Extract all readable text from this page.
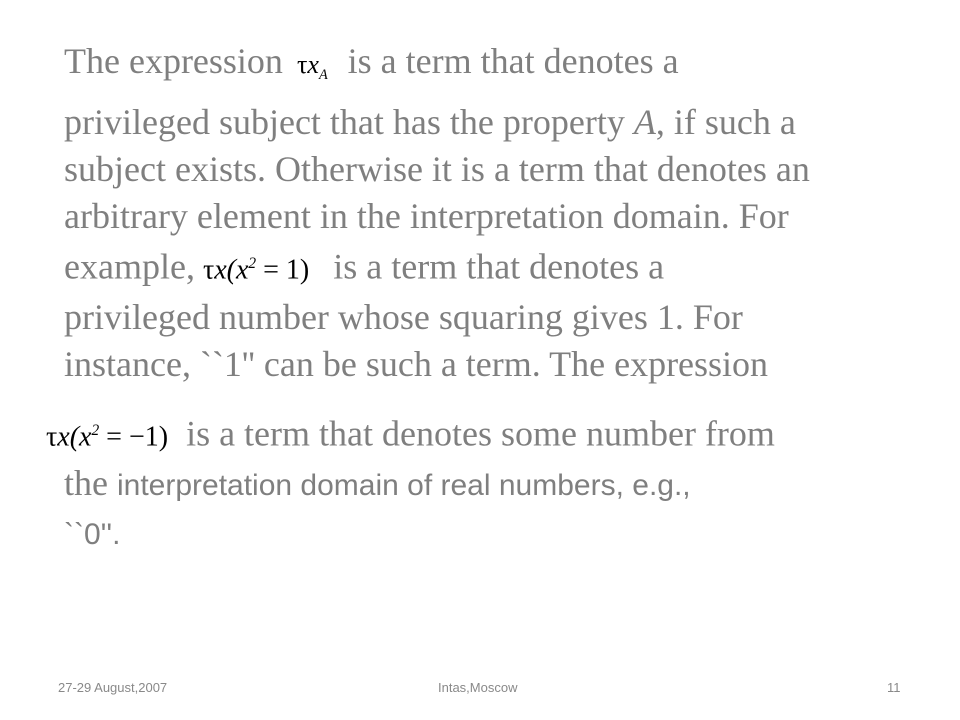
The expression $\tau x_A$ is a term that denotes a
privileged subject that has the property A, if such a
subject exists. Otherwise it is a term that denotes an
arbitrary element in the interpretation domain. For
example, $\tau x(x^2 = 1)$ is a term that denotes a
privileged number whose squaring gives 1. For
instance, ``1'' can be such a term. The expression
$\tau x(x^2 = -1)$ is a term that denotes some number from
the interpretation domain of real numbers, e.g.,
``0''.
27-29 August,2007	Intas,Moscow	11
